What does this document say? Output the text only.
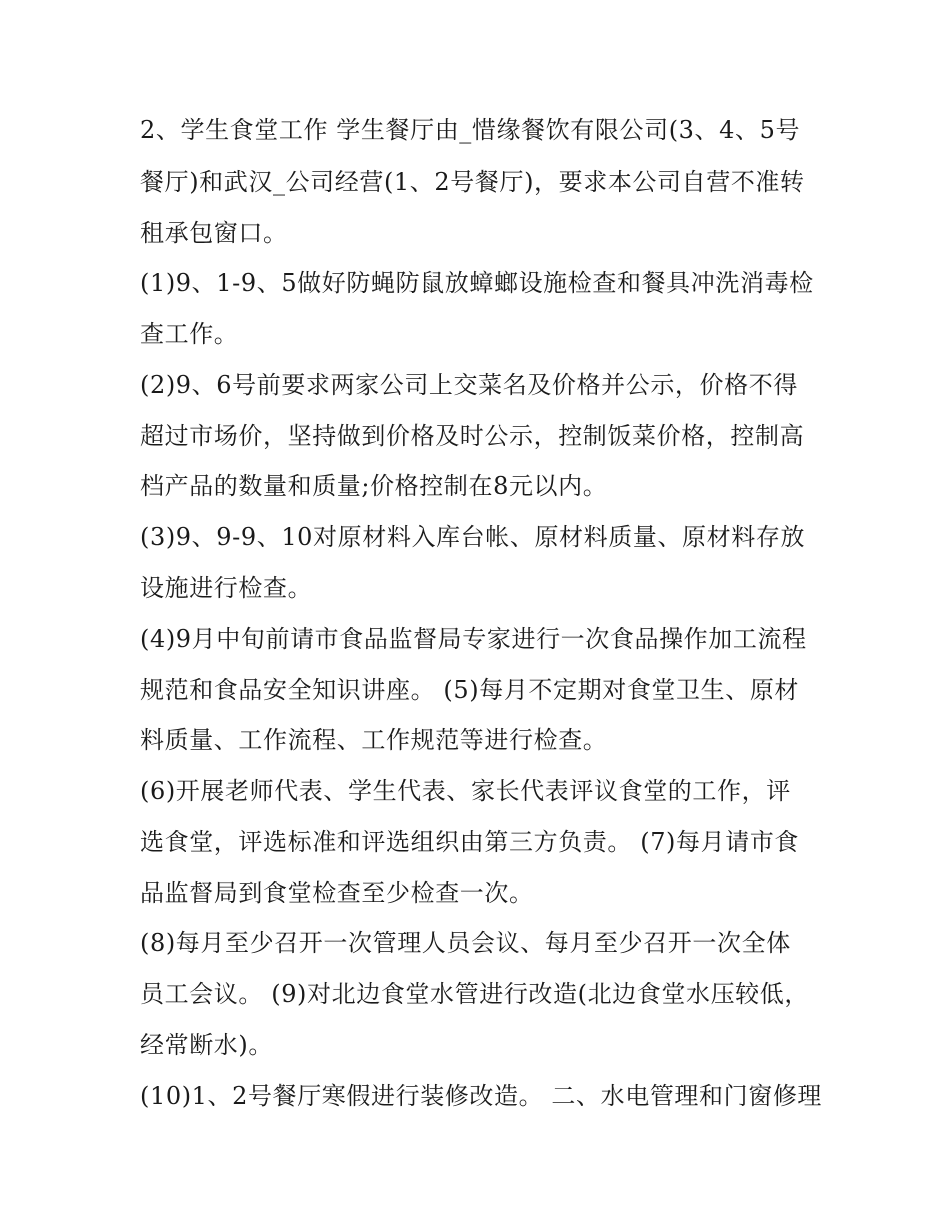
2、学生食堂工作 学生餐厅由_惜缘餐饮有限公司(3、4、5号
餐厅)和武汉_公司经营(1、2号餐厅)，要求本公司自营不准转
租承包窗口。
(1)9、1-9、5做好防蝇防鼠放蟑螂设施检查和餐具冲洗消毒检
查工作。
(2)9、6号前要求两家公司上交菜名及价格并公示，价格不得
超过市场价，坚持做到价格及时公示，控制饭菜价格，控制高
档产品的数量和质量;价格控制在8元以内。
(3)9、9-9、10对原材料入库台帐、原材料质量、原材料存放
设施进行检查。
(4)9月中旬前请市食品监督局专家进行一次食品操作加工流程
规范和食品安全知识讲座。 (5)每月不定期对食堂卫生、原材
料质量、工作流程、工作规范等进行检查。
(6)开展老师代表、学生代表、家长代表评议食堂的工作，评
选食堂，评选标准和评选组织由第三方负责。 (7)每月请市食
品监督局到食堂检查至少检查一次。
(8)每月至少召开一次管理人员会议、每月至少召开一次全体
员工会议。 (9)对北边食堂水管进行改造(北边食堂水压较低，
经常断水)。
(10)1、2号餐厅寒假进行装修改造。 二、水电管理和门窗修理
